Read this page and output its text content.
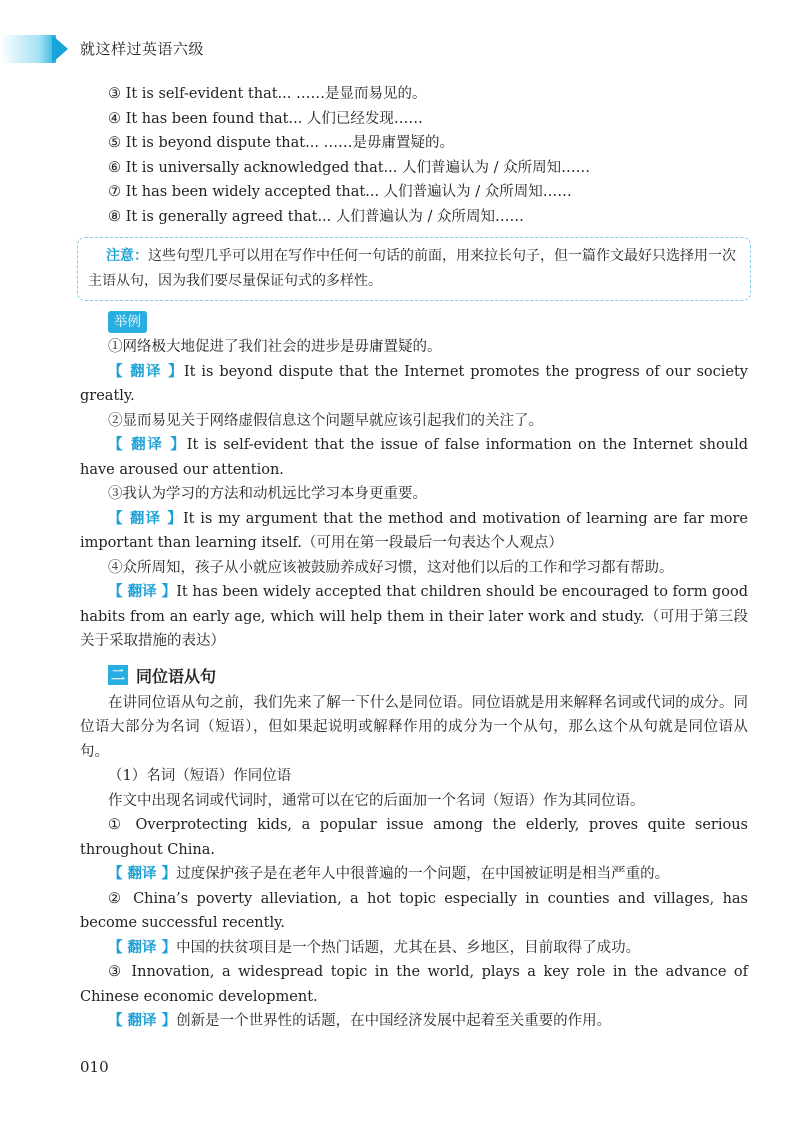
就这样过英语六级
③ It is self-evident that... ……是显而易见的。
④ It has been found that... 人们已经发现……
⑤ It is beyond dispute that... ……是毋庸置疑的。
⑥ It is universally acknowledged that... 人们普遍认为 / 众所周知……
⑦ It has been widely accepted that... 人们普遍认为 / 众所周知……
⑧ It is generally agreed that... 人们普遍认为 / 众所周知……
注意：这些句型几乎可以用在写作中任何一句话的前面，用来拉长句子，但一篇作文最好只选择用一次主语从句，因为我们要尽量保证句式的多样性。
举例
①网络极大地促进了我们社会的进步是毋庸置疑的。
【 翻译 】It is beyond dispute that the Internet promotes the progress of our society greatly.
②显而易见关于网络虚假信息这个问题早就应该引起我们的关注了。
【 翻译 】It is self-evident that the issue of false information on the Internet should have aroused our attention.
③我认为学习的方法和动机远比学习本身更重要。
【 翻译 】It is my argument that the method and motivation of learning are far more important than learning itself.（可用在第一段最后一句表达个人观点）
④众所周知，孩子从小就应该被鼓励养成好习惯，这对他们以后的工作和学习都有帮助。
【 翻译 】It has been widely accepted that children should be encouraged to form good habits from an early age, which will help them in their later work and study.（可用于第三段关于采取措施的表达）
二 同位语从句
在讲同位语从句之前，我们先来了解一下什么是同位语。同位语就是用来解释名词或代词的成分。同位语大部分为名词（短语），但如果起说明或解释作用的成分为一个从句，那么这个从句就是同位语从句。
（1）名词（短语）作同位语
作文中出现名词或代词时，通常可以在它的后面加一个名词（短语）作为其同位语。
① Overprotecting kids, a popular issue among the elderly, proves quite serious throughout China.
【 翻译 】过度保护孩子是在老年人中很普遍的一个问题，在中国被证明是相当严重的。
② China’s poverty alleviation, a hot topic especially in counties and villages, has become successful recently.
【 翻译 】中国的扶贫项目是一个热门话题，尤其在县、乡地区，目前取得了成功。
③ Innovation, a widespread topic in the world, plays a key role in the advance of Chinese economic development.
【 翻译 】创新是一个世界性的话题，在中国经济发展中起着至关重要的作用。
010
